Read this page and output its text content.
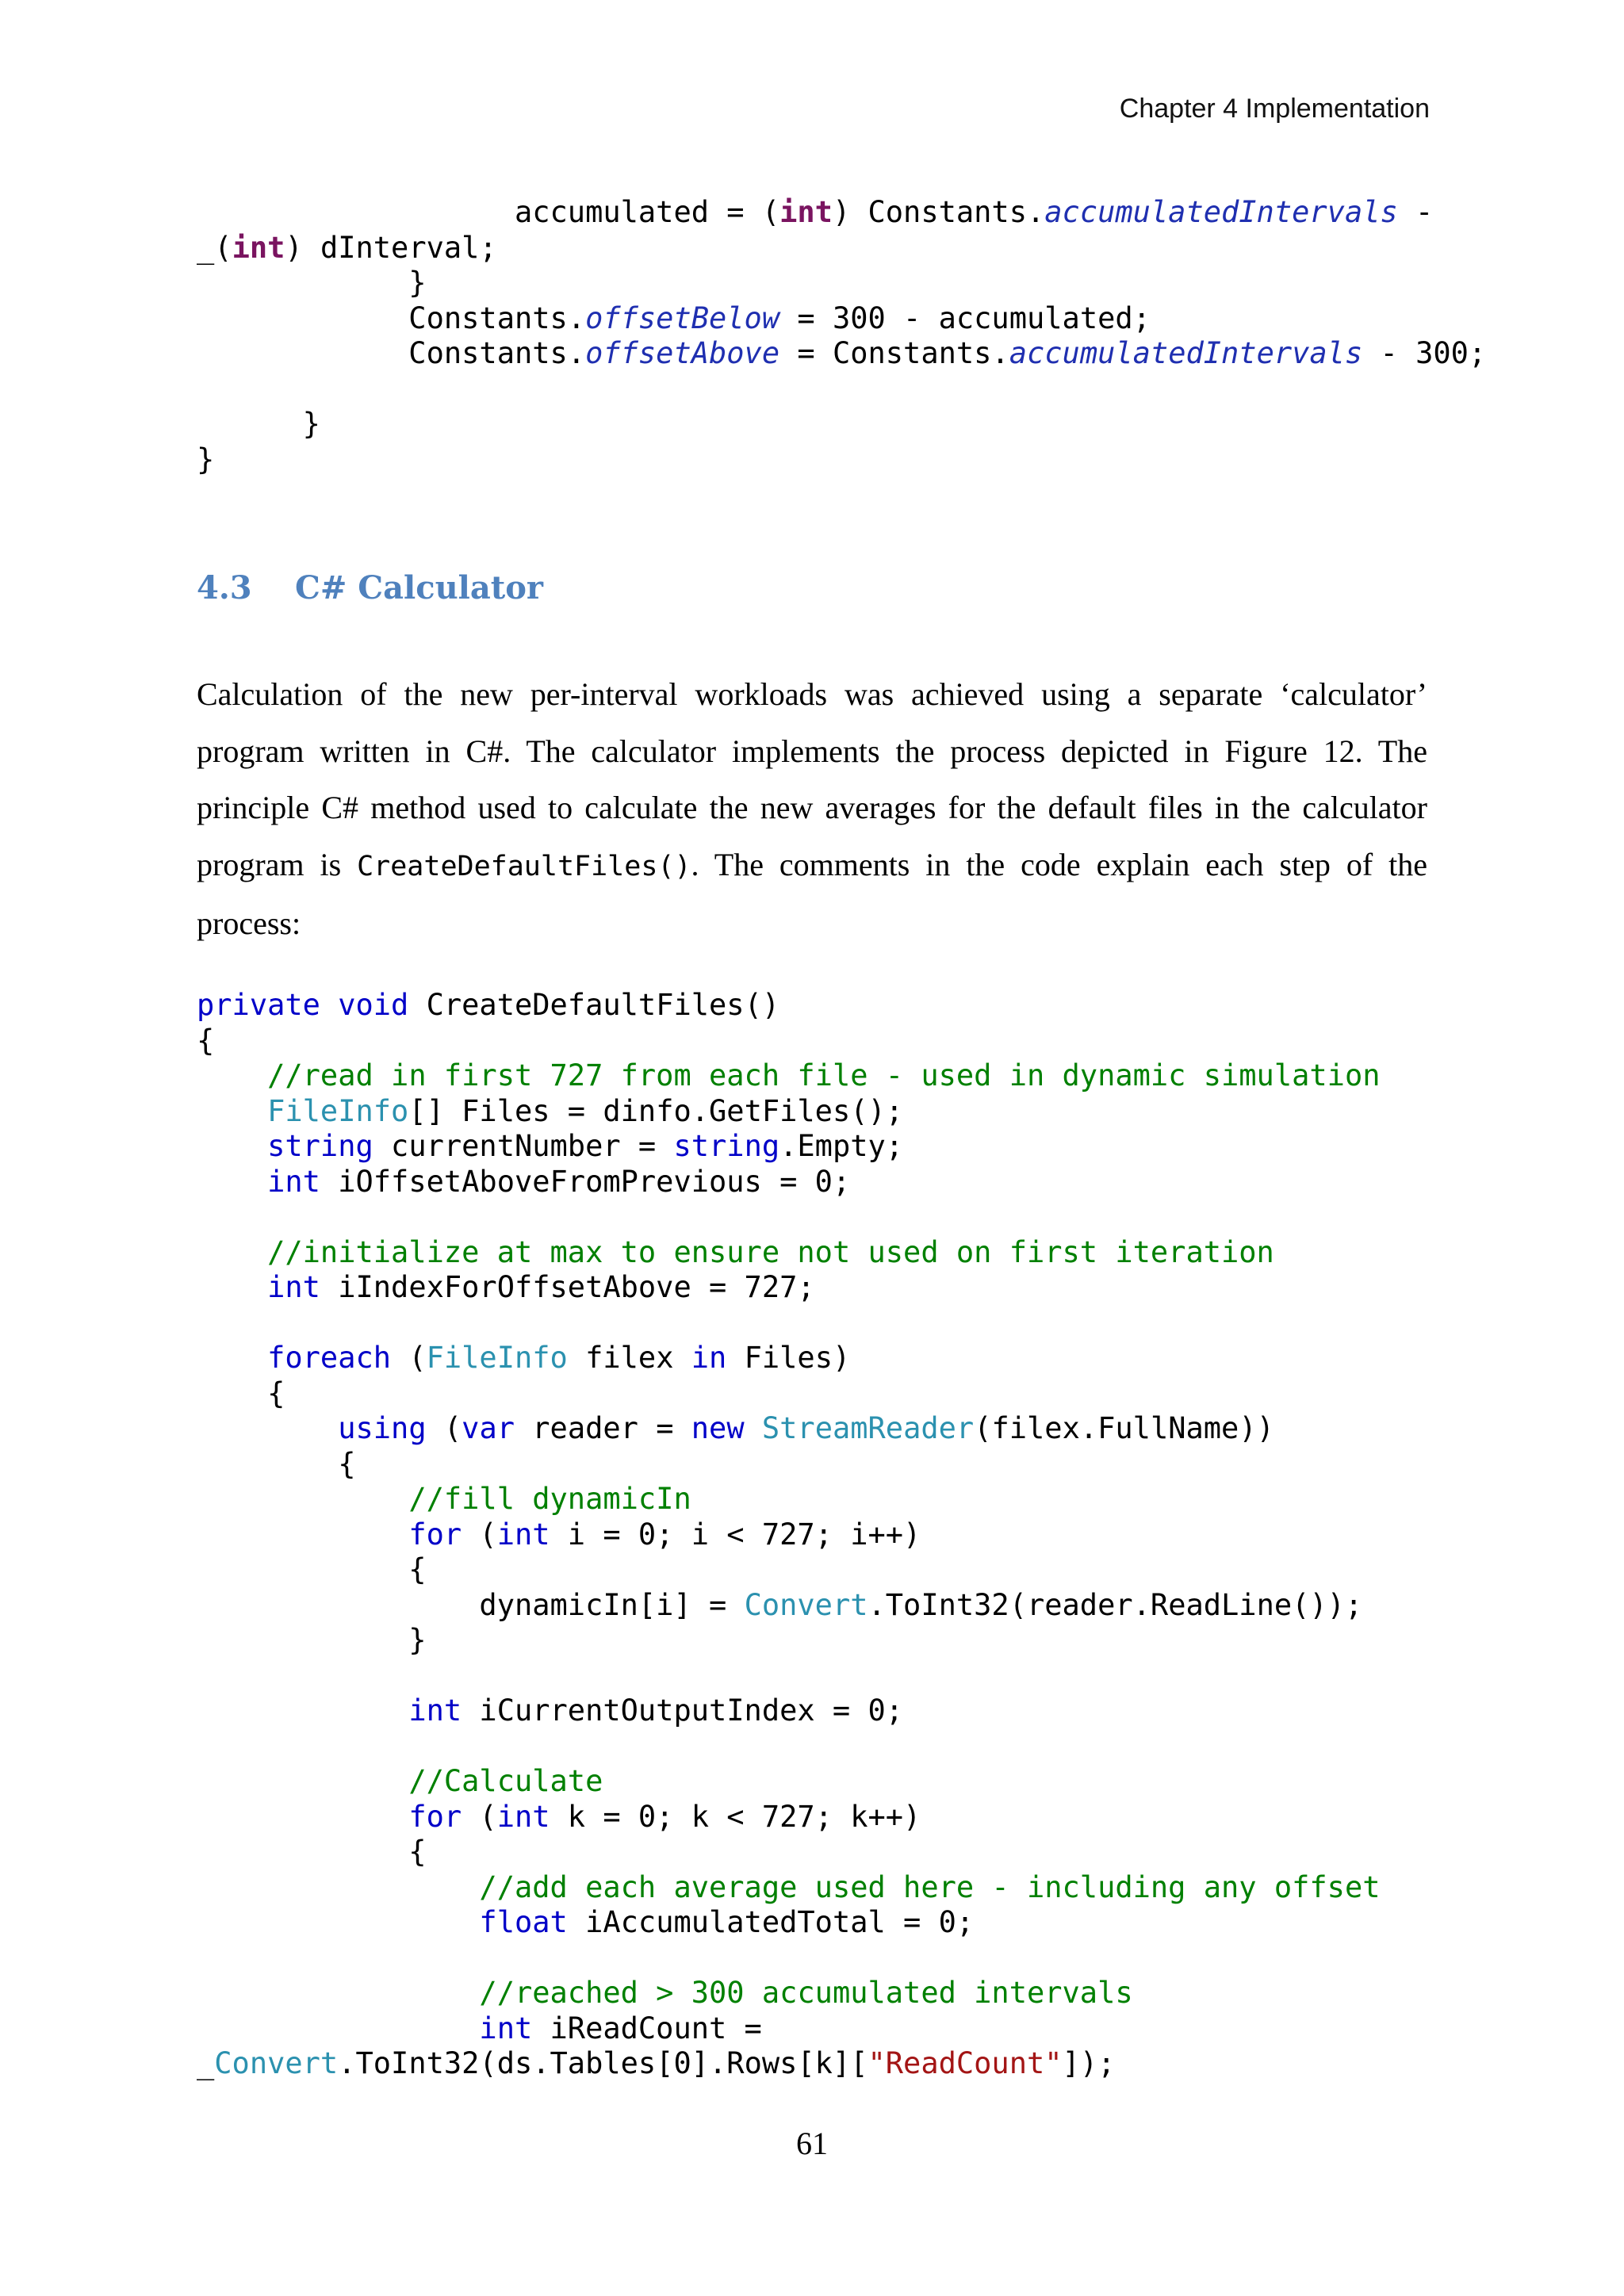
Chapter 4 Implementation
accumulated = (int) Constants.accumulatedIntervals -
_(int) dInterval;
}
Constants.offsetBelow = 300 - accumulated;
Constants.offsetAbove = Constants.accumulatedIntervals - 300;
}
}
4.3 C# Calculator

Calculation of the new per-interval workloads was achieved using a separate ‘calculator’ program written in C#. The calculator implements the process depicted in Figure 12. The principle C# method used to calculate the new averages for the default files in the calculator program is CreateDefaultFiles(). The comments in the code explain each step of the process:

private void CreateDefaultFiles()
{
//read in first 727 from each file - used in dynamic simulation
FileInfo[] Files = dinfo.GetFiles();
string currentNumber = string.Empty;
int iOffsetAboveFromPrevious = 0;
//initialize at max to ensure not used on first iteration
int iIndexForOffsetAbove = 727;
foreach (FileInfo filex in Files)
{
using (var reader = new StreamReader(filex.FullName))
{
//fill dynamicIn
for (int i = 0; i < 727; i++)
{
dynamicIn[i] = Convert.ToInt32(reader.ReadLine());
}
int iCurrentOutputIndex = 0;
//Calculate
for (int k = 0; k < 727; k++)
{
//add each average used here - including any offset
float iAccumulatedTotal = 0;
//reached > 300 accumulated intervals
int iReadCount =
_Convert.ToInt32(ds.Tables[0].Rows[k]["ReadCount"]);
61
